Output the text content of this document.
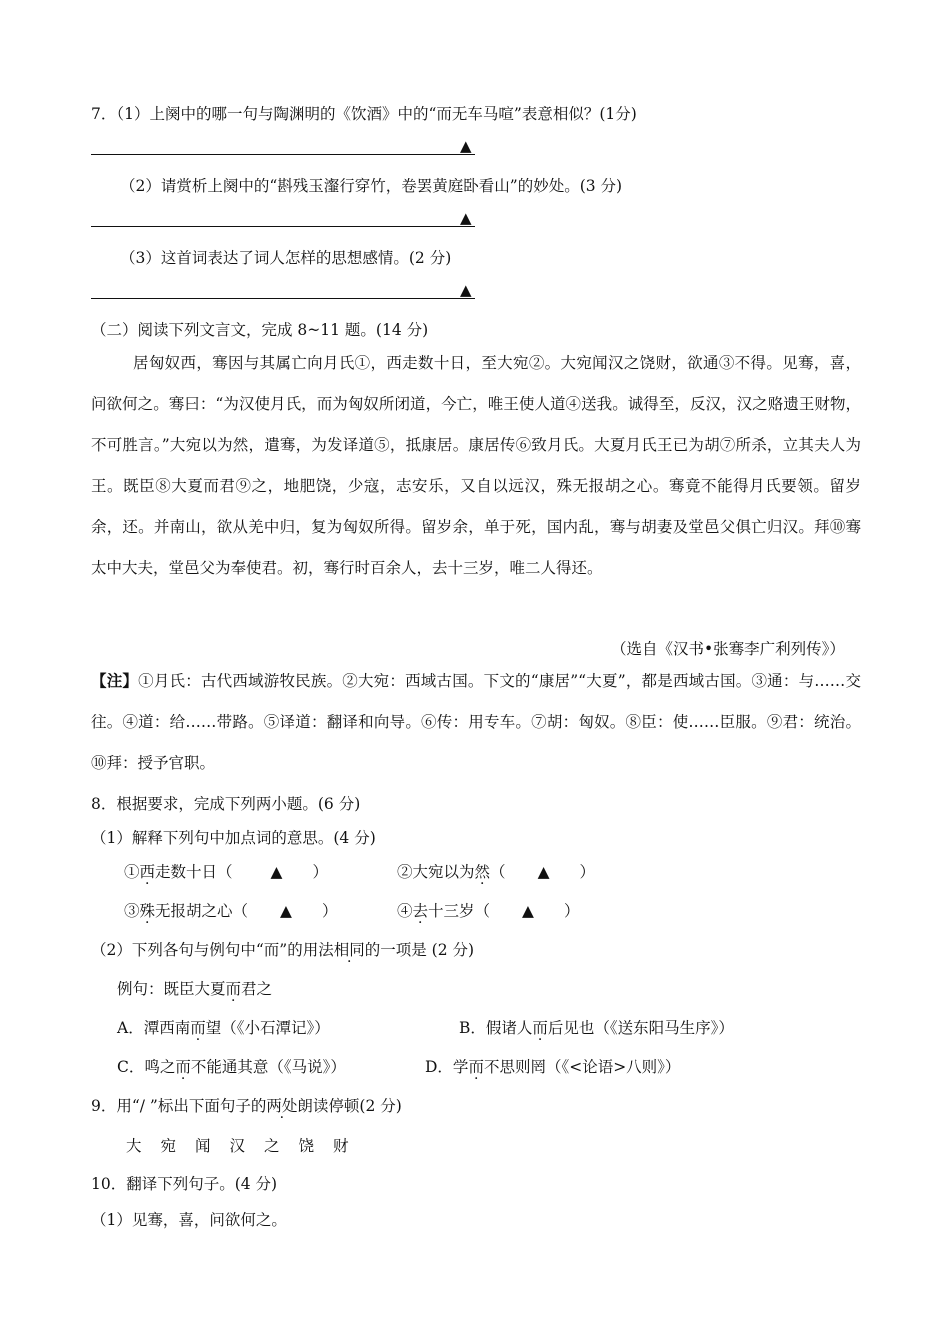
7．（1）上阕中的哪一句与陶渊明的《饮酒》中的“而无车马喧”表意相似？(1分)
▲
（2）请赏析上阕中的“斟残玉瀣行穿竹，卷罢黄庭卧看山”的妙处。(3 分)
▲
（3）这首词表达了词人怎样的思想感情。(2 分)
▲
（二）阅读下列文言文，完成 8~11 题。(14 分)
居匈奴西，骞因与其属亡向月氏①，西走数十日，至大宛②。大宛闻汉之饶财，欲通③不得。见骞，喜，问欲何之。骞曰：“为汉使月氏，而为匈奴所闭道，今亡，唯王使人道④送我。诚得至，反汉，汉之赂遗王财物，不可胜言。”大宛以为然，遣骞，为发译道⑤，抵康居。康居传⑥致月氏。大夏月氏王已为胡⑦所杀，立其夫人为王。既臣⑧大夏而君⑨之，地肥饶，少寇，志安乐，又自以远汉，殊无报胡之心。骞竟不能得月氏要领。留岁余，还。并南山，欲从羌中归，复为匈奴所得。留岁余，单于死，国内乱，骞与胡妻及堂邑父俱亡归汉。拜⑩骞太中大夫，堂邑父为奉使君。初，骞行时百余人，去十三岁，唯二人得还。
（选自《汉书•张骞李广利列传》）
【注】①月氏：古代西域游牧民族。②大宛：西域古国。下文的“康居”“大夏”，都是西域古国。③通：与……交往。④道：给……带路。⑤译道：翻译和向导。⑥传：用专车。⑦胡：匈奴。⑧臣：使……臣服。⑨君：统治。⑩拜：授予官职。
8．根据要求，完成下列两小题。(6 分)
（1）解释下列句中加点词的意思。(4 分)
①西走数十日（ ▲ ）	②大宛以为然（ ▲ ）
③殊无报胡之心（ ▲ ）	④去十三岁（ ▲ ）
（2）下列各句与例句中“而”的用法相同的一项是 (2 分)
例句：既臣大夏而君之
A．潭西南而望（《小石潭记》）	B．假诸人而后见也（《送东阳马生序》）
C．鸣之而不能通其意（《马说》）	D．学而不思则罔（《<论语>八则》）
9．用“/ ”标出下面句子的两处朗读停顿(2 分)
大宛闻汉之饶财
10．翻译下列句子。(4 分)
（1）见骞，喜，问欲何之。
